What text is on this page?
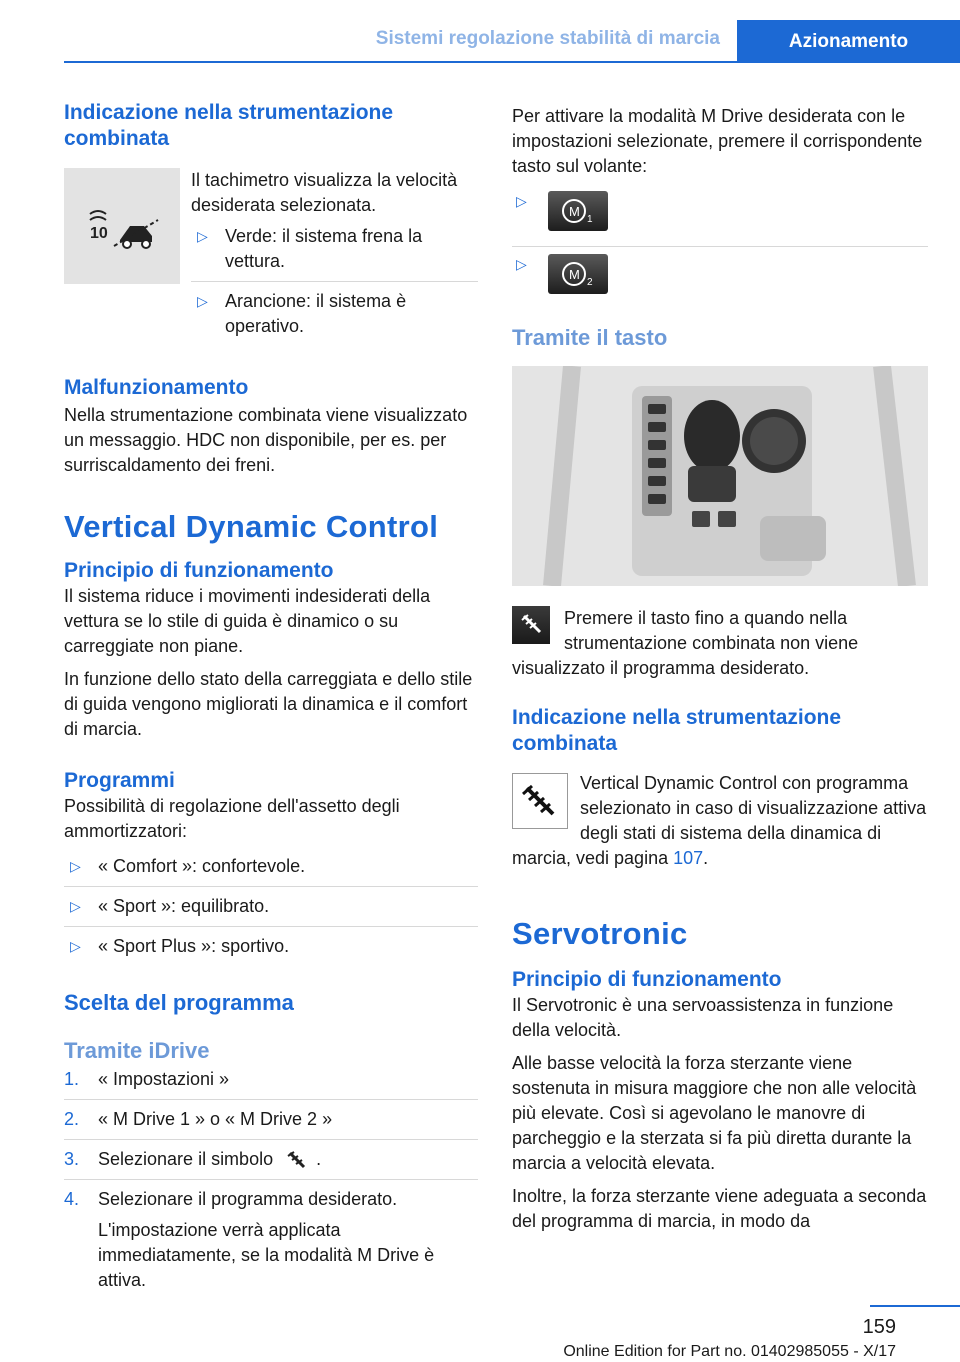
Sistemi regolazione stabilità di marcia	Azionamento
Indicazione nella strumentazione combinata
10

Il tachimetro visualizza la velocità desiderata selezionata.

▷ Verde: il sistema frena la vettura.
▷ Arancione: il sistema è operativo.
Malfunzionamento

Nella strumentazione combinata viene visualizzato un messaggio. HDC non disponibile, per es. per surriscaldamento dei freni.

Vertical Dynamic Control
Principio di funzionamento

Il sistema riduce i movimenti indesiderati della vettura se lo stile di guida è dinamico o su carreggiate non piane.

In funzione dello stato della carreggiata e dello stile di guida vengono migliorati la dinamica e il comfort di marcia.

Programmi

Possibilità di regolazione dell'assetto degli ammortizzatori:

▷ « Comfort »: confortevole.
▷ « Sport »: equilibrato.
▷ « Sport Plus »: sportivo.
Scelta del programma
Tramite iDrive
1. « Impostazioni »
2. « M Drive 1 » o « M Drive 2 »
3. Selezionare il simbolo .
4. Selezionare il programma desiderato.
L'impostazione verrà applicata immediatamente, se la modalità M Drive è attiva.

Per attivare la modalità M Drive desiderata con le impostazioni selezionate, premere il corrispondente tasto sul volante:

▷
M
1
▷
M
2
Tramite il tasto

Premere il tasto fino a quando nella strumentazione combinata non viene visualizzato il programma desiderato.

Indicazione nella strumentazione combinata

Vertical Dynamic Control con programma selezionato in caso di visualizzazione attiva degli stati di sistema della dinamica di marcia, vedi pagina 107.

Servotronic
Principio di funzionamento

Il Servotronic è una servoassistenza in funzione della velocità.

Alle basse velocità la forza sterzante viene sostenuta in misura maggiore che non alle velocità più elevate. Così si agevolano le manovre di parcheggio e la sterzata si fa più diretta durante la marcia a velocità elevata.

Inoltre, la forza sterzante viene adeguata a seconda del programma di marcia, in modo da

159
Online Edition for Part no. 01402985055 - X/17
